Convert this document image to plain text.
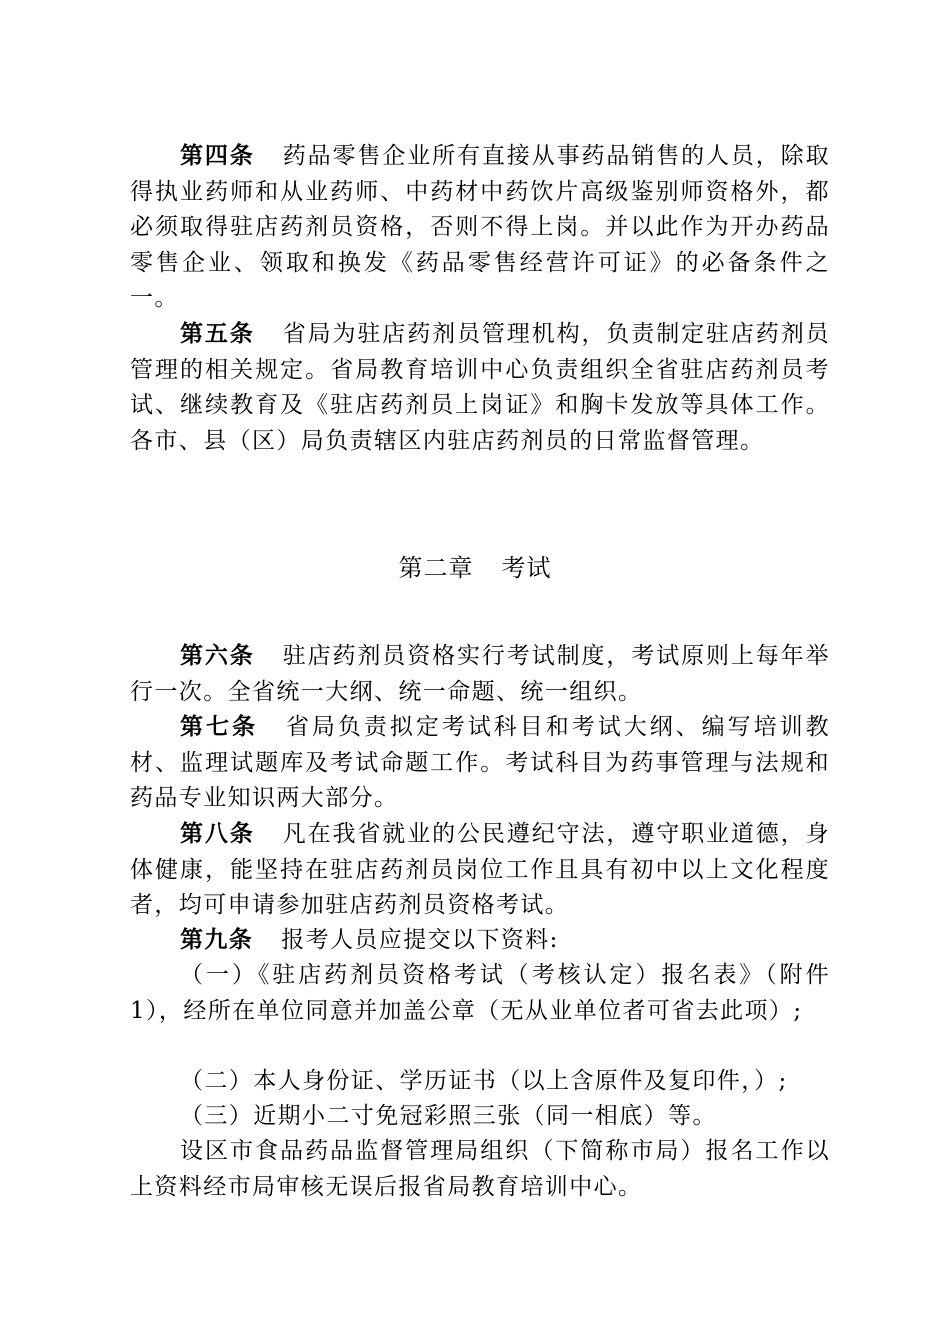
第四条 药品零售企业所有直接从事药品销售的人员，除取得执业药师和从业药师、中药材中药饮片高级鉴别师资格外，都必须取得驻店药剂员资格，否则不得上岗。并以此作为开办药品零售企业、领取和换发《药品零售经营许可证》的必备条件之一。

第五条 省局为驻店药剂员管理机构，负责制定驻店药剂员管理的相关规定。省局教育培训中心负责组织全省驻店药剂员考试、继续教育及《驻店药剂员上岗证》和胸卡发放等具体工作。各市、县（区）局负责辖区内驻店药剂员的日常监督管理。

第二章 考试

第六条 驻店药剂员资格实行考试制度，考试原则上每年举行一次。全省统一大纲、统一命题、统一组织。

第七条 省局负责拟定考试科目和考试大纲、编写培训教材、监理试题库及考试命题工作。考试科目为药事管理与法规和药品专业知识两大部分。

第八条 凡在我省就业的公民遵纪守法，遵守职业道德，身体健康，能坚持在驻店药剂员岗位工作且具有初中以上文化程度者，均可申请参加驻店药剂员资格考试。

第九条 报考人员应提交以下资料:

（一）《驻店药剂员资格考试（考核认定）报名表》（附件1），经所在单位同意并加盖公章（无从业单位者可省去此项）;

（二）本人身份证、学历证书（以上含原件及复印件，）;

（三）近期小二寸免冠彩照三张（同一相底）等。

设区市食品药品监督管理局组织（下简称市局）报名工作以上资料经市局审核无误后报省局教育培训中心。
